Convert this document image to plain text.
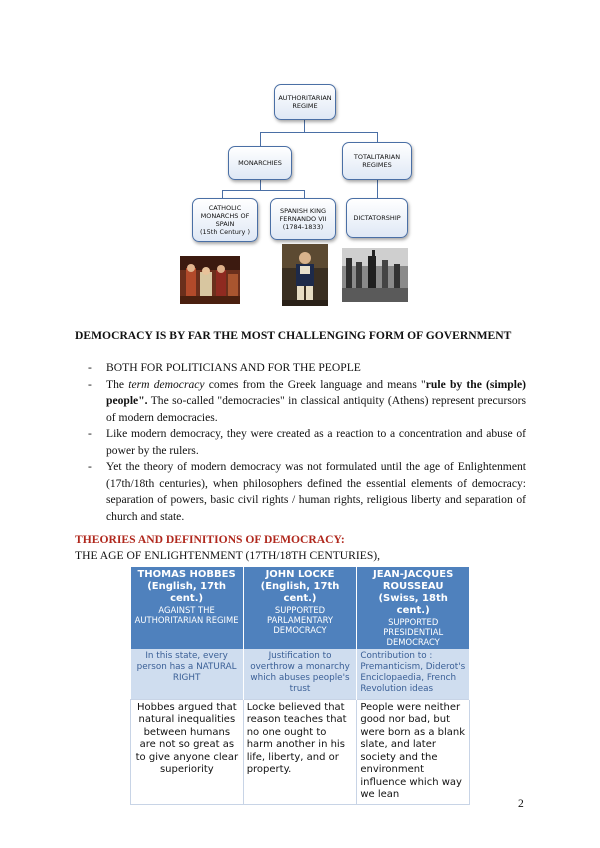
AUTHORITARIAN
REGIME
MONARCHIES
TOTALITARIAN
REGIMES
CATHOLIC
MONARCHS OF
SPAIN
(15th Century )
SPANISH KING
FERNANDO VII
(1784-1833)
DICTATORSHIP
DEMOCRACY IS BY FAR THE MOST CHALLENGING FORM OF GOVERNMENT
- BOTH FOR POLITICIANS AND FOR THE PEOPLE
- The term democracy comes from the Greek language and means "rule by the (simple) people". The so-called "democracies" in classical antiquity (Athens) represent precursors of modern democracies.
- Like modern democracy, they were created as a reaction to a concentration and abuse of power by the rulers.
- Yet the theory of modern democracy was not formulated until the age of Enlightenment (17th/18th centuries), when philosophers defined the essential elements of democracy: separation of powers, basic civil rights / human rights, religious liberty and separation of church and state.
THEORIES AND DEFINITIONS OF DEMOCRACY:
THE AGE OF ENLIGHTENMENT (17TH/18TH CENTURIES),
THOMAS HOBBES
(English, 17th cent.)
AGAINST THE AUTHORITARIAN REGIME	JOHN LOCKE
(English, 17th cent.)
SUPPORTED PARLAMENTARY DEMOCRACY	JEAN-JACQUES ROUSSEAU
(Swiss, 18th cent.)
SUPPORTED PRESIDENTIAL DEMOCRACY

In this state, every person has a NATURAL RIGHT	Justification to overthrow a monarchy which abuses people's trust	Contribution to : Premanticism, Diderot's Enciclopaedia, French Revolution ideas
Hobbes argued that natural inequalities between humans are not so great as to give anyone clear superiority	Locke believed that reason teaches that no one ought to harm another in his life, liberty, and or property.	People were neither good nor bad, but were born as a blank slate, and later society and the environment influence which way we lean
2
